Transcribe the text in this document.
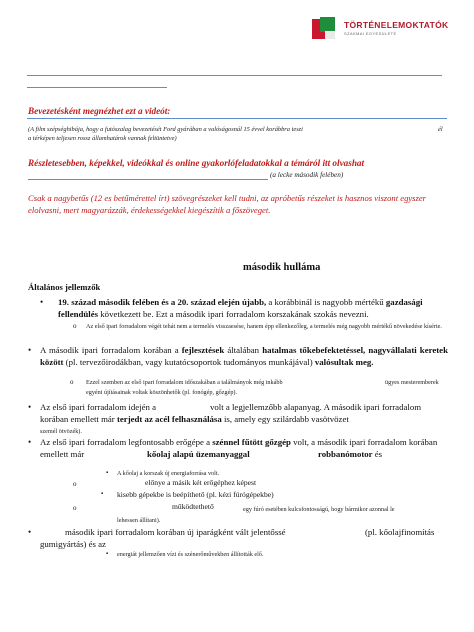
TÖRTÉNELEMOKTATÓK
SZAKMAI EGYESÜLETE
Bevezetésként megnézhet ezt a videót:
(A film szépséghibája, hogy a futószalag bevezetését Ford gyárában a valóságosnál 15 évvel korábbra teszi	él
a térképen teljesen rossz államhatárok vannak feltüntetve)
Részletesebben, képekkel, videókkal és online gyakorlófeladatokkal a témáról itt olvashat
(a lecke második felében)
Csak a nagybetűs (12 es betűmérettel írt) szövegrészeket kell tudni, az apróbetűs részeket is hasznos viszont egyszer elolvasni, mert magyarázzák, érdekességekkel kiegészítik a főszöveget.
második hulláma
Általános jellemzők
• 19. század második felében és a 20. század elején újabb, a korábbinál is nagyobb mértékű gazdasági fellendülés következett be. Ezt a második ipari forradalom korszakának szokás nevezni.
o Az első ipari forradalom végét tehát nem a termelés visszaesése, hanem épp ellenkezőleg, a termelés még nagyobb mértékű növekedése kísérte.
• A második ipari forradalom korában a fejlesztések általában hatalmas tőkebefektetéssel, nagyvállalati keretek között (pl. tervezőirodákban, vagy kutatócsoportok tudományos munkájával) valósultak meg.
o Ezzel szemben az első ipari forradalom időszakában a találmányok még inkább	ügyes mesteremberek
egyéni újításainak voltak köszönhetők (pl. fonógép, gőzgép).
• Az első ipari forradalom idején a	volt a legjellemzőbb alapanyag. A második ipari forradalom korában emellett már terjedt az acél felhasználása is, amely egy szilárdabb vasötvözet
személ ötvözék).
• Az első ipari forradalom legfontosabb erőgépe a szénnel fűtött gőzgép volt, a második ipari forradalom korában emellett már	kőolaj alapú üzemanyaggal	robbanómotor és
▪ A kőolaj a korszak új energiaforrása volt.
o	előnye a másik két erőgéphez képest
▪ kisebb gépekbe is beépíthető (pl. kézi fúrógépekbe)
o	működtethető	egy fúró esetében kulcsfontosságú, hogy bármikor azonnal le
lehessen állítani).
•	második ipari forradalom korában új iparágként vált jelentőssé	(pl. kőolajfinomítás
gumigyártás) és az
▪ energiát jellemzően vízi és szénerőművekben állították elő.
